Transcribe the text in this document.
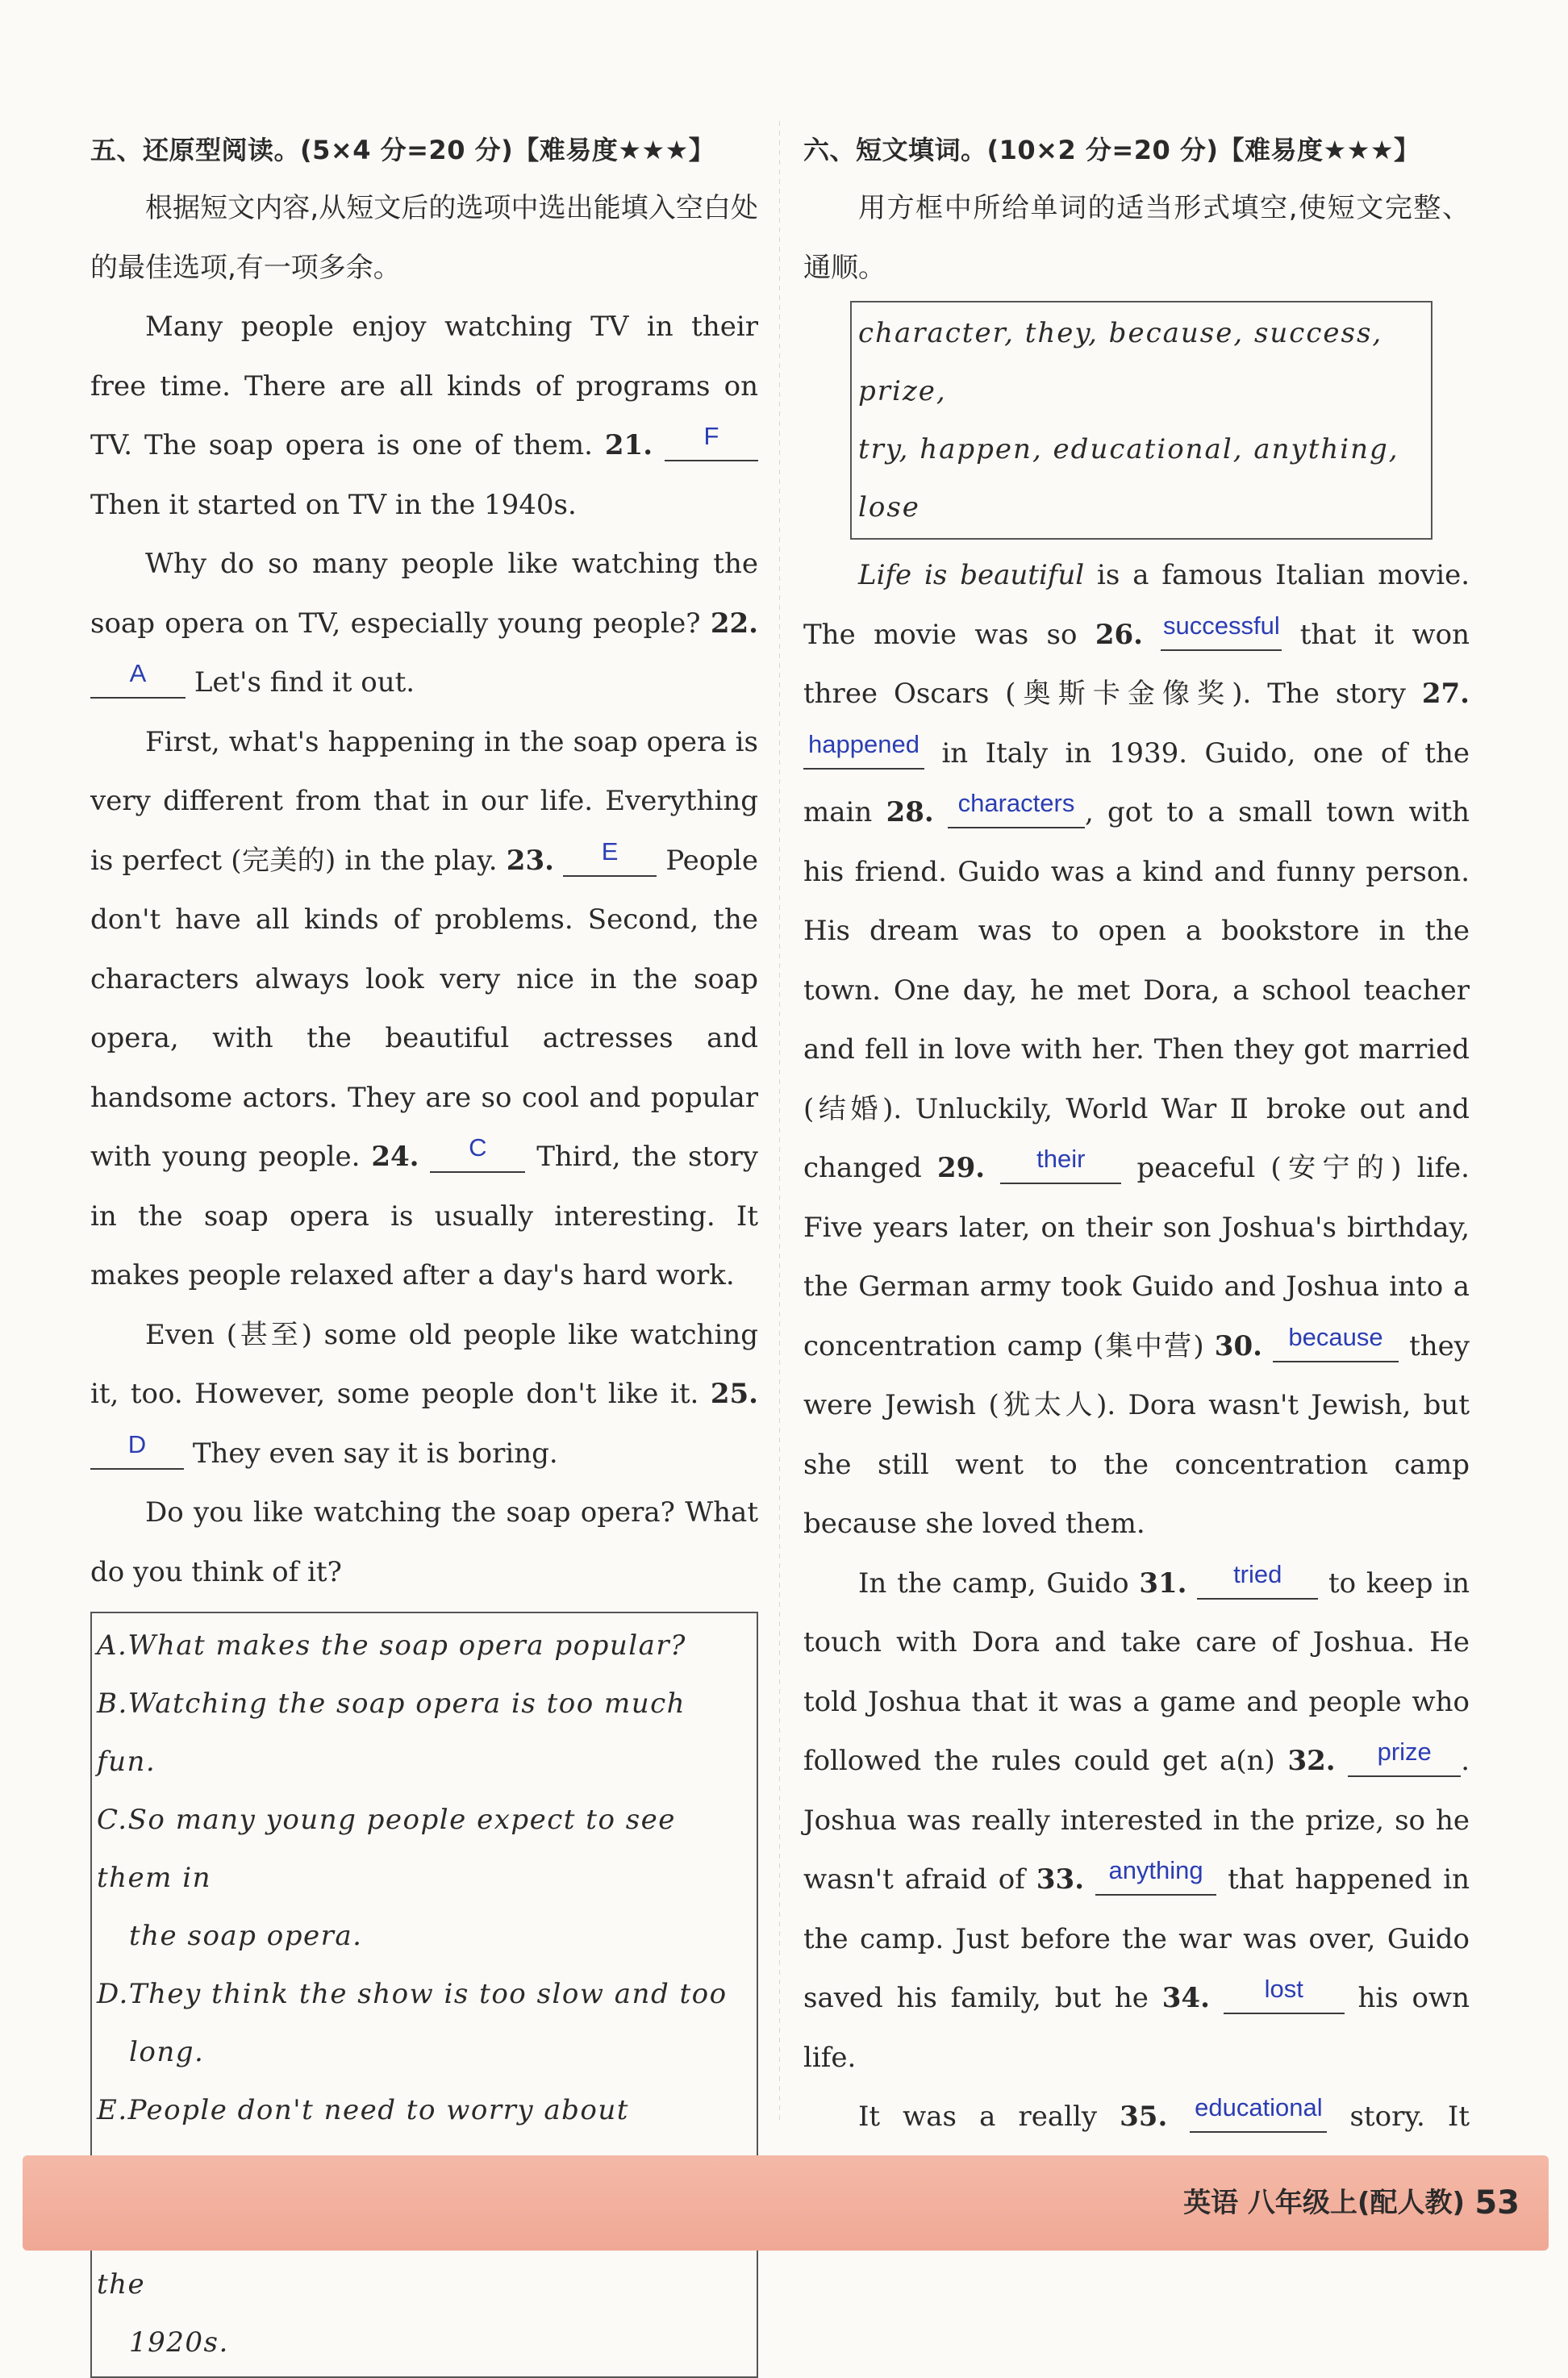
五、还原型阅读。(5×4 分=20 分)【难易度★★★】
根据短文内容,从短文后的选项中选出能填入空白处的最佳选项,有一项多余。
Many people enjoy watching TV in their free time. There are all kinds of programs on TV. The soap opera is one of them. 21. F Then it started on TV in the 1940s.
Why do so many people like watching the soap opera on TV, especially young people? 22. A Let's find it out.
First, what's happening in the soap opera is very different from that in our life. Everything is perfect (完美的) in the play. 23. E People don't have all kinds of problems. Second, the characters always look very nice in the soap opera, with the beautiful actresses and handsome actors. They are so cool and popular with young people. 24. C Third, the story in the soap opera is usually interesting. It makes people relaxed after a day's hard work.
Even (甚至) some old people like watching it, too. However, some people don't like it. 25. D They even say it is boring.
Do you like watching the soap opera? What do you think of it?
A.What makes the soap opera popular?
B.Watching the soap opera is too much fun.
C.So many young people expect to see them in
the soap opera.
D.They think the show is too slow and too
long.
E.People don't need to worry about
the
1920s.
六、短文填词。(10×2 分=20 分)【难易度★★★】
用方框中所给单词的适当形式填空,使短文完整、通顺。
character, they, because, success, prize,
try, happen, educational, anything, lose
Life is beautiful is a famous Italian movie. The movie was so 26. successful that it won three Oscars (奥斯卡金像奖). The story 27. happened in Italy in 1939. Guido, one of the main 28. characters , got to a small town with his friend. Guido was a kind and funny person. His dream was to open a bookstore in the town. One day, he met Dora, a school teacher and fell in love with her. Then they got married (结婚). Unluckily, World War Ⅱ broke out and changed 29. their peaceful (安宁的) life. Five years later, on their son Joshua's birthday, the German army took Guido and Joshua into a concentration camp (集中营) 30. because they were Jewish (犹太人). Dora wasn't Jewish, but she still went to the concentration camp because she loved them.
In the camp, Guido 31. tried to keep in touch with Dora and take care of Joshua. He told Joshua that it was a game and people who followed the rules could get a(n) 32. prize . Joshua was really interested in the prize, so he wasn't afraid of 33. anything that happened in the camp. Just before the war was over, Guido saved his family, but he 34. lost his own life.
It was a really 35. educational story. It
英语 八年级上(配人教) 53
